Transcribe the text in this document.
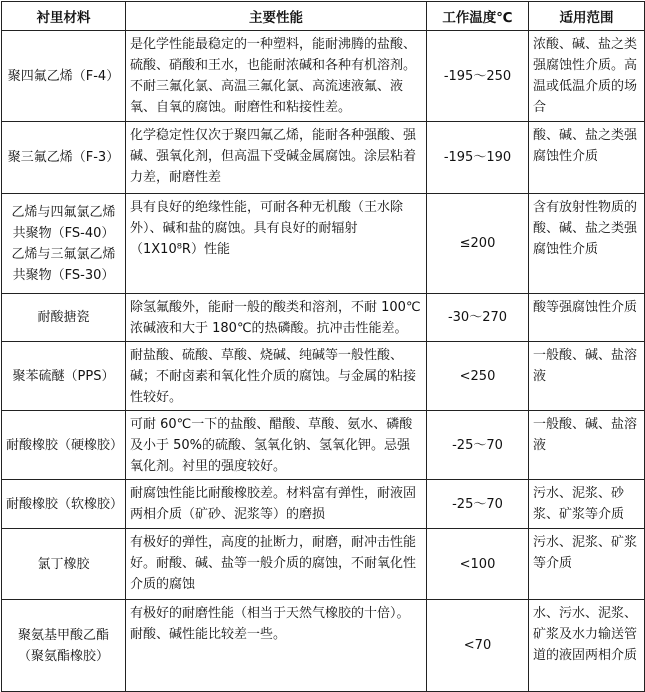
衬里材料	主要性能	工作温度℃	适用范围

聚四氟乙烯（F-4）	是化学性能最稳定的一种塑料，能耐沸腾的盐酸、硫酸、硝酸和王水，也能耐浓碱和各种有机溶剂。不耐三氟化氯、高温三氟化氯、高流速液氟、液氧、自氧的腐蚀。耐磨性和粘接性差。	-195～250	浓酸、碱、盐之类强腐蚀性介质。高温或低温介质的场合

聚三氟乙烯（F-3）	化学稳定性仅次于聚四氟乙烯，能耐各种强酸、强碱、强氧化剂，但高温下受碱金属腐蚀。涂层粘着力差，耐磨性差	-195～190	酸、碱、盐之类强腐蚀性介质

乙烯与四氟氯乙烯
共聚物（FS-40）
乙烯与三氟氯乙烯
共聚物（FS-30）	具有良好的绝缘性能，可耐各种无机酸（王水除外）、碱和盐的腐蚀。具有良好的耐辐射（1X10⁸R）性能	≤200	含有放射性物质的酸、碱、盐之类强腐蚀性介质

耐酸搪瓷	除氢氟酸外，能耐一般的酸类和溶剂，不耐 100℃浓碱液和大于 180℃的热磷酸。抗冲击性能差。	-30～270	酸等强腐蚀性介质

聚苯硫醚（PPS）	耐盐酸、硫酸、草酸、烧碱、纯碱等一般性酸、碱；不耐卤素和氧化性介质的腐蚀。与金属的粘接性较好。	<250	一般酸、碱、盐溶液

耐酸橡胶（硬橡胶）	可耐 60℃一下的盐酸、醋酸、草酸、氨水、磷酸及小于 50%的硫酸、氢氧化钠、氢氧化钾。忌强氧化剂。衬里的强度较好。	-25～70	一般酸、碱、盐溶液

耐酸橡胶（软橡胶）	耐腐蚀性能比耐酸橡胶差。材料富有弹性，耐液固两相介质（矿砂、泥浆等）的磨损	-25～70	污水、泥浆、砂浆、矿浆等介质

氯丁橡胶	有极好的弹性，高度的扯断力，耐磨，耐冲击性能好。耐酸、碱、盐等一般介质的腐蚀，不耐氧化性介质的腐蚀	<100	污水、泥浆、矿浆等介质

聚氨基甲酸乙酯
（聚氨酯橡胶）	有极好的耐磨性能（相当于天然气橡胶的十倍）。耐酸、碱性能比较差一些。	<70	水、污水、泥浆、矿浆及水力输送管道的液固两相介质
